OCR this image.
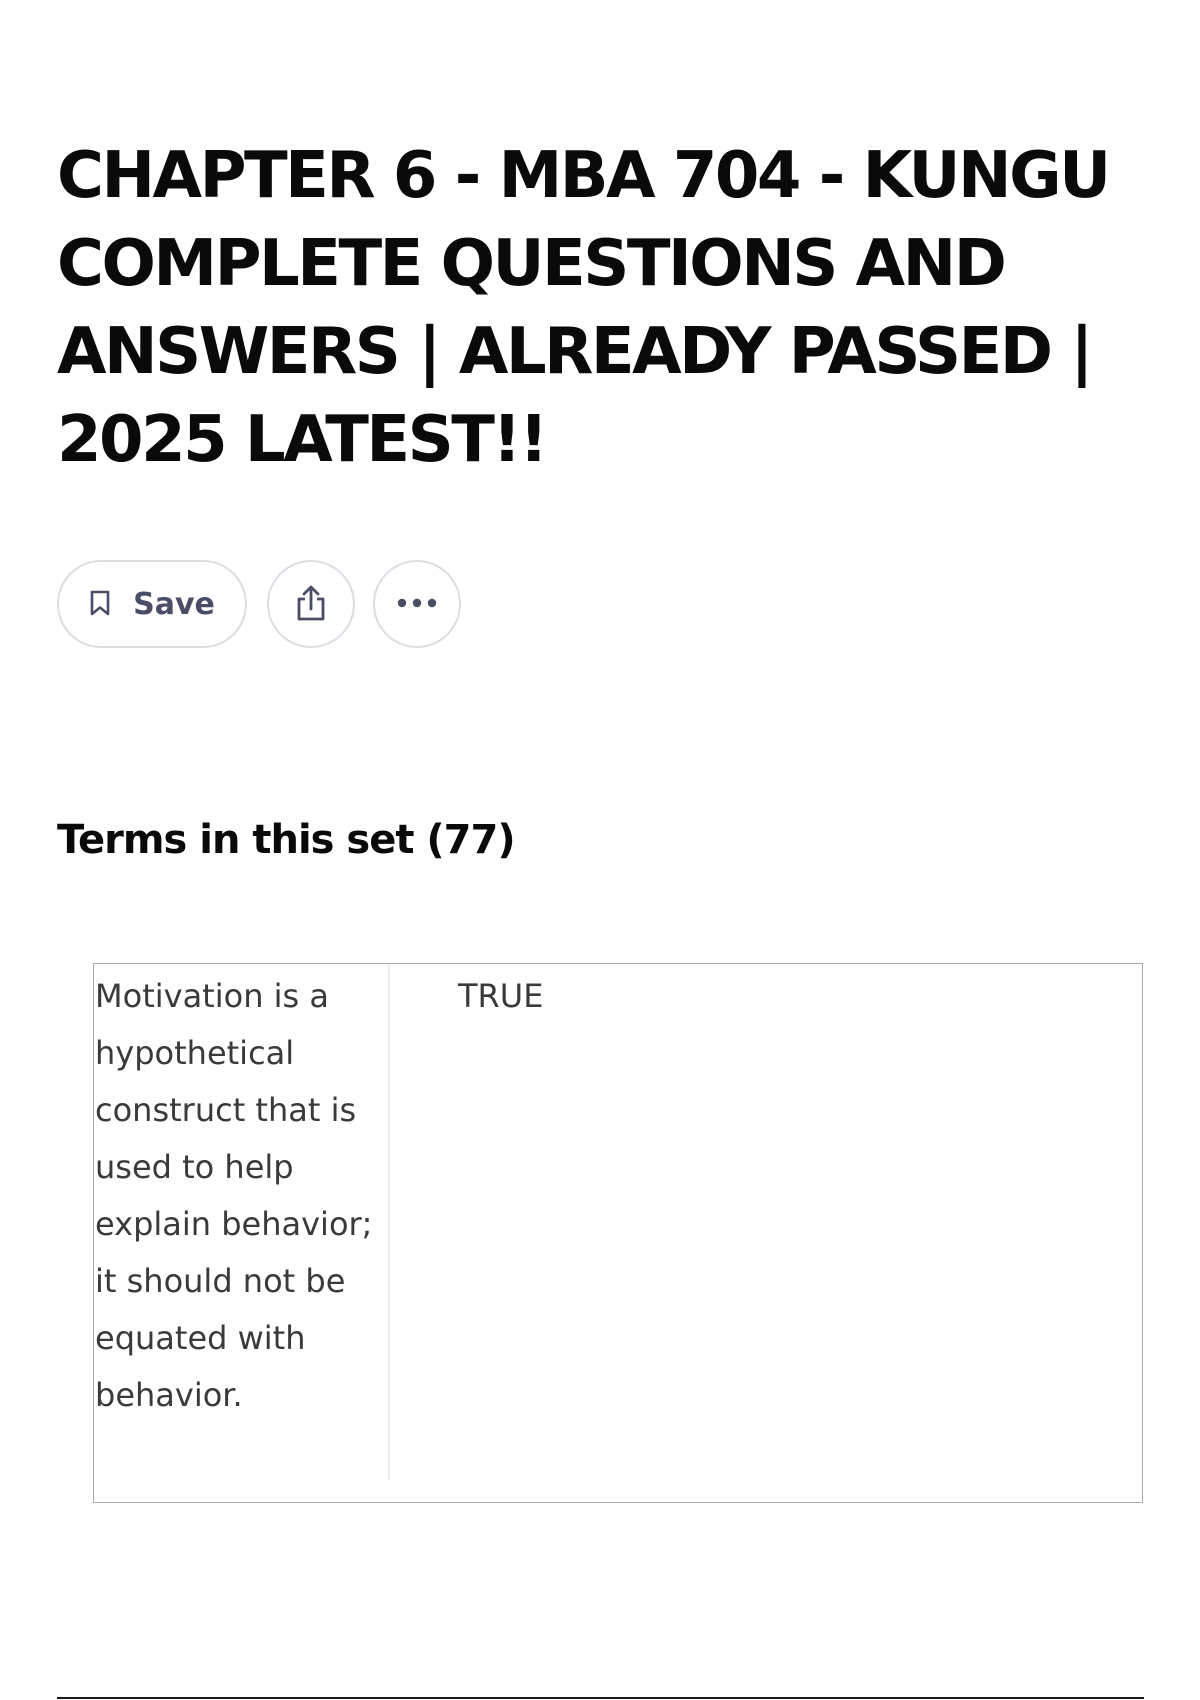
CHAPTER 6 - MBA 704 - KUNGU COMPLETE QUESTIONS AND ANSWERS | ALREADY PASSED | 2025 LATEST!!
Save
Terms in this set (77)
Motivation is a hypothetical construct that is used to help explain behavior; it should not be equated with behavior.
TRUE
